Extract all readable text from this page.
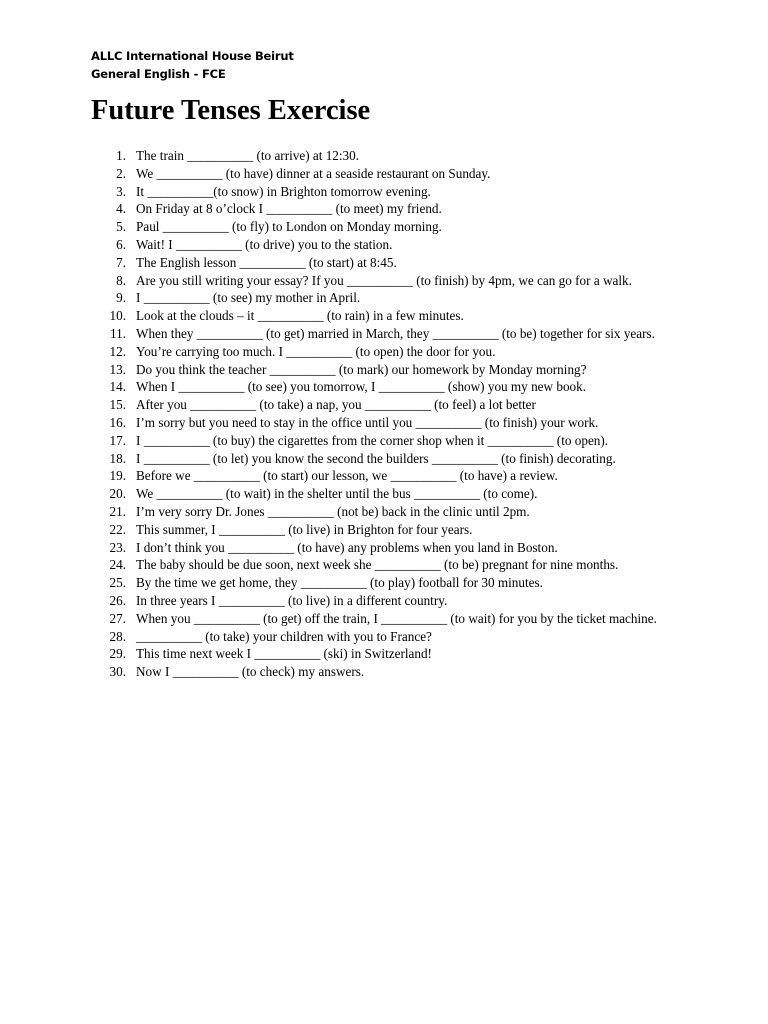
ALLC International House Beirut
General English - FCE
Future Tenses Exercise
1. The train __________ (to arrive) at 12:30.
2. We __________ (to have) dinner at a seaside restaurant on Sunday.
3. It __________(to snow) in Brighton tomorrow evening.
4. On Friday at 8 o’clock I __________ (to meet) my friend.
5. Paul __________ (to fly) to London on Monday morning.
6. Wait! I __________ (to drive) you to the station.
7. The English lesson __________ (to start) at 8:45.
8. Are you still writing your essay? If you __________ (to finish) by 4pm, we can go for a walk.
9. I __________ (to see) my mother in April.
10. Look at the clouds – it __________ (to rain) in a few minutes.
11. When they __________ (to get) married in March, they __________ (to be) together for six years.
12. You’re carrying too much. I __________ (to open) the door for you.
13. Do you think the teacher __________ (to mark) our homework by Monday morning?
14. When I __________ (to see) you tomorrow, I __________ (show) you my new book.
15. After you __________ (to take) a nap, you __________ (to feel) a lot better
16. I’m sorry but you need to stay in the office until you __________ (to finish) your work.
17. I __________ (to buy) the cigarettes from the corner shop when it __________ (to open).
18. I __________ (to let) you know the second the builders __________ (to finish) decorating.
19. Before we __________ (to start) our lesson, we __________ (to have) a review.
20. We __________ (to wait) in the shelter until the bus __________ (to come).
21. I’m very sorry Dr. Jones __________ (not be) back in the clinic until 2pm.
22. This summer, I __________ (to live) in Brighton for four years.
23. I don’t think you __________ (to have) any problems when you land in Boston.
24. The baby should be due soon, next week she __________ (to be) pregnant for nine months.
25. By the time we get home, they __________ (to play) football for 30 minutes.
26. In three years I __________ (to live) in a different country.
27. When you __________ (to get) off the train, I __________ (to wait) for you by the ticket machine.
28. __________ (to take) your children with you to France?
29. This time next week I __________ (ski) in Switzerland!
30. Now I __________ (to check) my answers.
